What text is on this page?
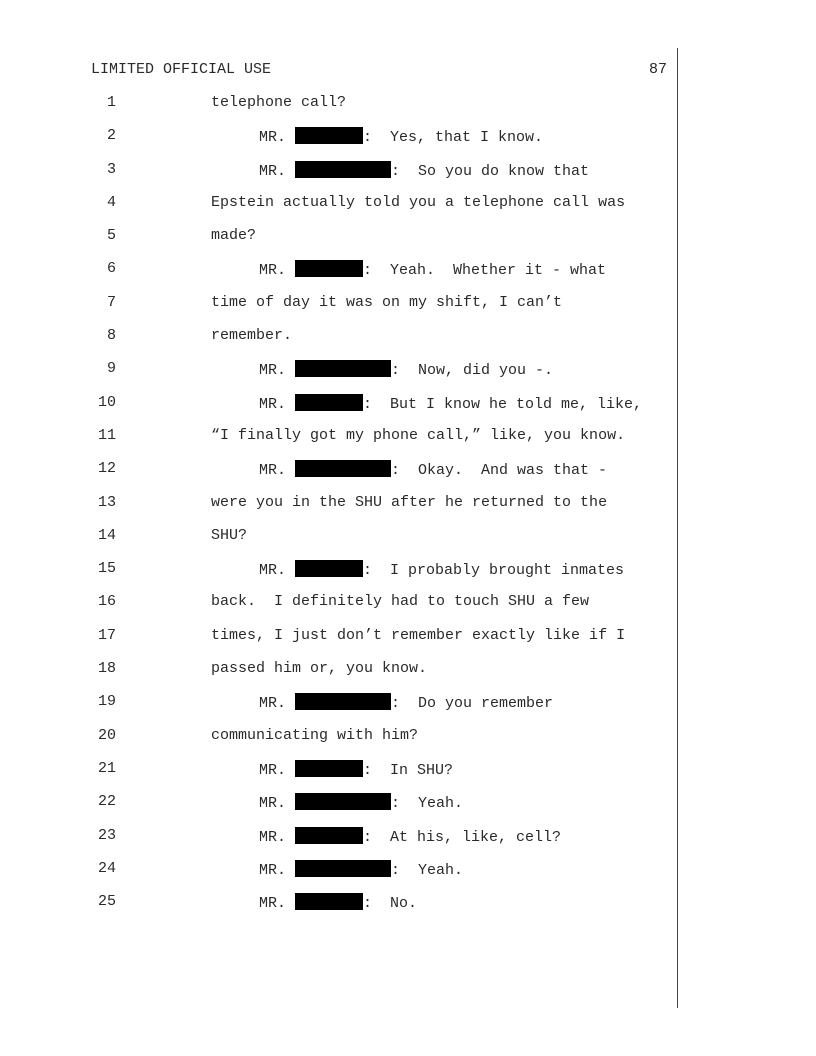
LIMITED OFFICIAL USE	87
1	telephone call?
2	MR.	:  Yes, that I know.
3	MR.	:  So you do know that
4	Epstein actually told you a telephone call was
5	made?
6	MR.	:  Yeah.  Whether it - what
7	time of day it was on my shift, I can’t
8	remember.
9	MR.	:  Now, did you -.
10	MR.	:  But I know he told me, like,
11	“I finally got my phone call,” like, you know.
12	MR.	:  Okay.  And was that -
13	were you in the SHU after he returned to the
14	SHU?
15	MR.	:  I probably brought inmates
16	back.  I definitely had to touch SHU a few
17	times, I just don’t remember exactly like if I
18	passed him or, you know.
19	MR.	:  Do you remember
20	communicating with him?
21	MR.	:  In SHU?
22	MR.	:  Yeah.
23	MR.	:  At his, like, cell?
24	MR.	:  Yeah.
25	MR.	:  No.
